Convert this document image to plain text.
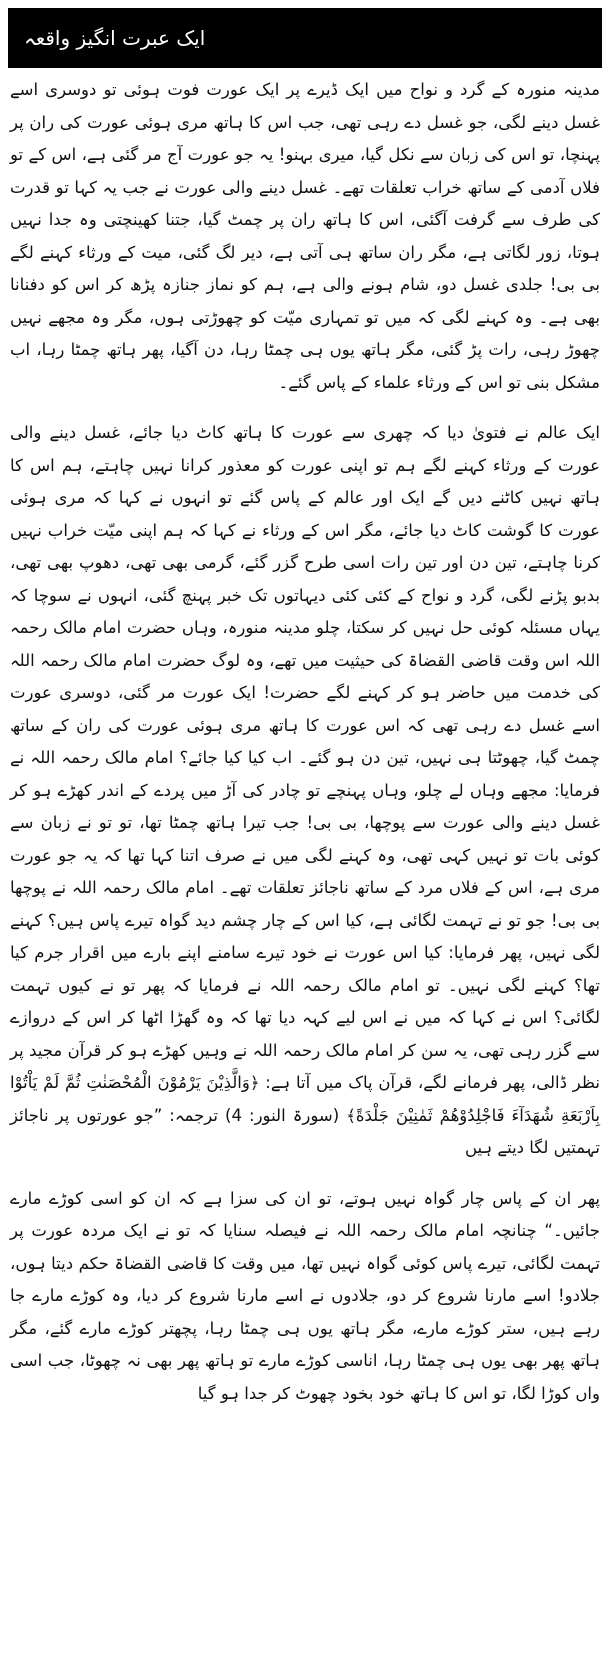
ایک عبرت انگیز واقعہ

مدینہ منورہ کے گرد و نواح میں ایک ڈیرے پر ایک عورت فوت ہوئی تو دوسری اسے غسل دینے لگی، جو غسل دے رہی تھی، جب اس کا ہاتھ مری ہوئی عورت کی ران پر پہنچا، تو اس کی زبان سے نکل گیا، میری بہنو! یہ جو عورت آج مر گئی ہے، اس کے تو فلاں آدمی کے ساتھ خراب تعلقات تھے۔ غسل دینے والی عورت نے جب یہ کہا تو قدرت کی طرف سے گرفت آگئی، اس کا ہاتھ ران پر چمٹ گیا، جتنا کھینچتی وہ جدا نہیں ہوتا، زور لگاتی ہے، مگر ران ساتھ ہی آتی ہے، دیر لگ گئی، میت کے ورثاء کہنے لگے بی بی! جلدی غسل دو، شام ہونے والی ہے، ہم کو نماز جنازہ پڑھ کر اس کو دفنانا بھی ہے۔ وہ کہنے لگی کہ میں تو تمہاری میّت کو چھوڑتی ہوں، مگر وہ مجھے نہیں چھوڑ رہی، رات پڑ گئی، مگر ہاتھ یوں ہی چمٹا رہا، دن آگیا، پھر ہاتھ چمٹا رہا، اب مشکل بنی تو اس کے ورثاء علماء کے پاس گئے۔

ایک عالم نے فتویٰ دیا کہ چھری سے عورت کا ہاتھ کاٹ دیا جائے، غسل دینے والی عورت کے ورثاء کہنے لگے ہم تو اپنی عورت کو معذور کرانا نہیں چاہتے، ہم اس کا ہاتھ نہیں کاٹنے دیں گے ایک اور عالم کے پاس گئے تو انہوں نے کہا کہ مری ہوئی عورت کا گوشت کاٹ دیا جائے، مگر اس کے ورثاء نے کہا کہ ہم اپنی میّت خراب نہیں کرنا چاہتے، تین دن اور تین رات اسی طرح گزر گئے، گرمی بھی تھی، دھوپ بھی تھی، بدبو پڑنے لگی، گرد و نواح کے کئی کئی دیہاتوں تک خبر پہنچ گئی، انہوں نے سوچا کہ یہاں مسئلہ کوئی حل نہیں کر سکتا، چلو مدینہ منورہ، وہاں حضرت امام مالک رحمہ اللہ اس وقت قاضی القضاۃ کی حیثیت میں تھے، وہ لوگ حضرت امام مالک رحمہ اللہ کی خدمت میں حاضر ہو کر کہنے لگے حضرت! ایک عورت مر گئی، دوسری عورت اسے غسل دے رہی تھی کہ اس عورت کا ہاتھ مری ہوئی عورت کی ران کے ساتھ چمٹ گیا، چھوٹتا ہی نہیں، تین دن ہو گئے۔ اب کیا کیا جائے؟ امام مالک رحمہ اللہ نے فرمایا: مجھے وہاں لے چلو، وہاں پہنچے تو چادر کی آڑ میں پردے کے اندر کھڑے ہو کر غسل دینے والی عورت سے پوچھا، بی بی! جب تیرا ہاتھ چمٹا تھا، تو تو نے زبان سے کوئی بات تو نہیں کہی تھی، وہ کہنے لگی میں نے صرف اتنا کہا تھا کہ یہ جو عورت مری ہے، اس کے فلاں مرد کے ساتھ ناجائز تعلقات تھے۔ امام مالک رحمہ اللہ نے پوچھا بی بی! جو تو نے تہمت لگائی ہے، کیا اس کے چار چشم دید گواہ تیرے پاس ہیں؟ کہنے لگی نہیں، پھر فرمایا: کیا اس عورت نے خود تیرے سامنے اپنے بارے میں اقرار جرم کیا تھا؟ کہنے لگی نہیں۔ تو امام مالک رحمہ اللہ نے فرمایا کہ پھر تو نے کیوں تہمت لگائی؟ اس نے کہا کہ میں نے اس لیے کہہ دیا تھا کہ وہ گھڑا اٹھا کر اس کے دروازے سے گزر رہی تھی، یہ سن کر امام مالک رحمہ اللہ نے وہیں کھڑے ہو کر قرآن مجید پر نظر ڈالی، پھر فرمانے لگے، قرآن پاک میں آتا ہے: ﴿وَالَّذِيْنَ يَرْمُوْنَ الْمُحْصَنٰتِ ثُمَّ لَمْ يَاْتُوْا بِاَرْبَعَةِ شُهَدَآءَ فَاجْلِدُوْهُمْ ثَمٰنِيْنَ جَلْدَةً﴾ (سورۃ النور: 4) ترجمہ: ”جو عورتوں پر ناجائز تہمتیں لگا دیتے ہیں

پھر ان کے پاس چار گواہ نہیں ہوتے، تو ان کی سزا ہے کہ ان کو اسی کوڑے مارے جائیں۔“ چنانچہ امام مالک رحمہ اللہ نے فیصلہ سنایا کہ تو نے ایک مردہ عورت پر تہمت لگائی، تیرے پاس کوئی گواہ نہیں تھا، میں وقت کا قاضی القضاۃ حکم دیتا ہوں، جلادو! اسے مارنا شروع کر دو، جلادوں نے اسے مارنا شروع کر دیا، وہ کوڑے مارے جا رہے ہیں، ستر کوڑے مارے، مگر ہاتھ یوں ہی چمٹا رہا، پچھتر کوڑے مارے گئے، مگر ہاتھ پھر بھی یوں ہی چمٹا رہا، اناسی کوڑے مارے تو ہاتھ پھر بھی نہ چھوٹا، جب اسی واں کوڑا لگا، تو اس کا ہاتھ خود بخود چھوٹ کر جدا ہو گیا
